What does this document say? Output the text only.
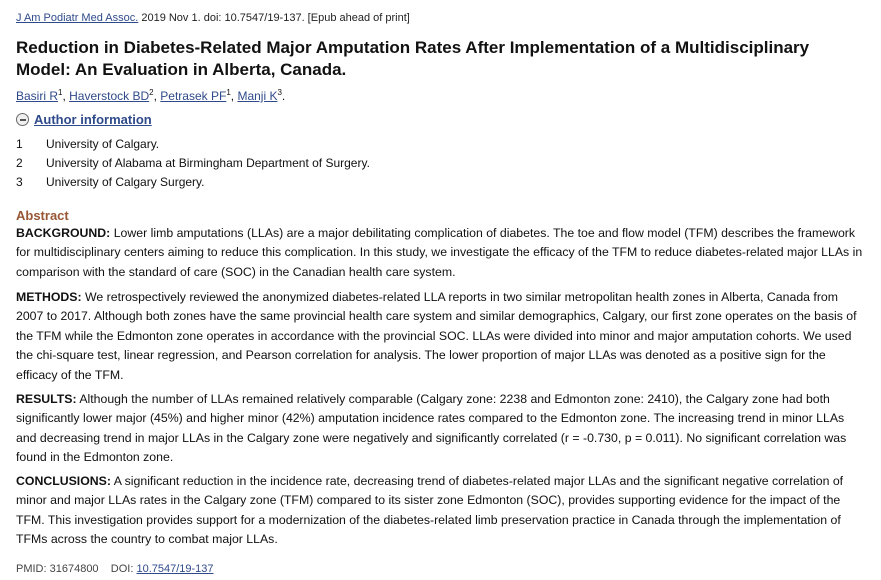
J Am Podiatr Med Assoc. 2019 Nov 1. doi: 10.7547/19-137. [Epub ahead of print]
Reduction in Diabetes-Related Major Amputation Rates After Implementation of a Multidisciplinary Model: An Evaluation in Alberta, Canada.
Basiri $R^1$, Haverstock $BD^2$, Petrasek $PF^1$, Manji $K^3$.
Author information
1	University of Calgary.
2	University of Alabama at Birmingham Department of Surgery.
3	University of Calgary Surgery.
Abstract

BACKGROUND: Lower limb amputations (LLAs) are a major debilitating complication of diabetes. The toe and flow model (TFM) describes the framework for multidisciplinary centers aiming to reduce this complication. In this study, we investigate the efficacy of the TFM to reduce diabetes-related major LLAs in comparison with the standard of care (SOC) in the Canadian health care system.

METHODS: We retrospectively reviewed the anonymized diabetes-related LLA reports in two similar metropolitan health zones in Alberta, Canada from 2007 to 2017. Although both zones have the same provincial health care system and similar demographics, Calgary, our first zone operates on the basis of the TFM while the Edmonton zone operates in accordance with the provincial SOC. LLAs were divided into minor and major amputation cohorts. We used the chi-square test, linear regression, and Pearson correlation for analysis. The lower proportion of major LLAs was denoted as a positive sign for the efficacy of the TFM.

RESULTS: Although the number of LLAs remained relatively comparable (Calgary zone: 2238 and Edmonton zone: 2410), the Calgary zone had both significantly lower major (45%) and higher minor (42%) amputation incidence rates compared to the Edmonton zone. The increasing trend in minor LLAs and decreasing trend in major LLAs in the Calgary zone were negatively and significantly correlated (r = -0.730, p = 0.011). No significant correlation was found in the Edmonton zone.

CONCLUSIONS: A significant reduction in the incidence rate, decreasing trend of diabetes-related major LLAs and the significant negative correlation of minor and major LLAs rates in the Calgary zone (TFM) compared to its sister zone Edmonton (SOC), provides supporting evidence for the impact of the TFM. This investigation provides support for a modernization of the diabetes-related limb preservation practice in Canada through the implementation of TFMs across the country to combat major LLAs.

PMID: 31674800 DOI: 10.7547/19-137
